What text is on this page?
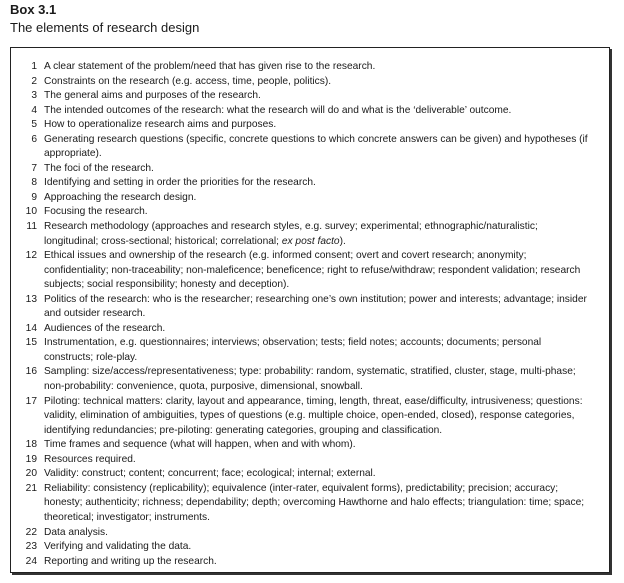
Box 3.1
The elements of research design
1 A clear statement of the problem/need that has given rise to the research.
2 Constraints on the research (e.g. access, time, people, politics).
3 The general aims and purposes of the research.
4 The intended outcomes of the research: what the research will do and what is the ‘deliverable’ outcome.
5 How to operationalize research aims and purposes.
6 Generating research questions (specific, concrete questions to which concrete answers can be given) and hypotheses (if appropriate).
7 The foci of the research.
8 Identifying and setting in order the priorities for the research.
9 Approaching the research design.
10 Focusing the research.
11 Research methodology (approaches and research styles, e.g. survey; experimental; ethnographic/naturalistic; longitudinal; cross-sectional; historical; correlational; ex post facto).
12 Ethical issues and ownership of the research (e.g. informed consent; overt and covert research; anonymity; confidentiality; non-traceability; non-maleficence; beneficence; right to refuse/withdraw; respondent validation; research subjects; social responsibility; honesty and deception).
13 Politics of the research: who is the researcher; researching one’s own institution; power and interests; advantage; insider and outsider research.
14 Audiences of the research.
15 Instrumentation, e.g. questionnaires; interviews; observation; tests; field notes; accounts; documents; personal constructs; role-play.
16 Sampling: size/access/representativeness; type: probability: random, systematic, stratified, cluster, stage, multi-phase; non-probability: convenience, quota, purposive, dimensional, snowball.
17 Piloting: technical matters: clarity, layout and appearance, timing, length, threat, ease/difficulty, intrusiveness; questions: validity, elimination of ambiguities, types of questions (e.g. multiple choice, open-ended, closed), response categories, identifying redundancies; pre-piloting: generating categories, grouping and classification.
18 Time frames and sequence (what will happen, when and with whom).
19 Resources required.
20 Validity: construct; content; concurrent; face; ecological; internal; external.
21 Reliability: consistency (replicability); equivalence (inter-rater, equivalent forms), predictability; precision; accuracy; honesty; authenticity; richness; dependability; depth; overcoming Hawthorne and halo effects; triangulation: time; space; theoretical; investigator; instruments.
22 Data analysis.
23 Verifying and validating the data.
24 Reporting and writing up the research.
